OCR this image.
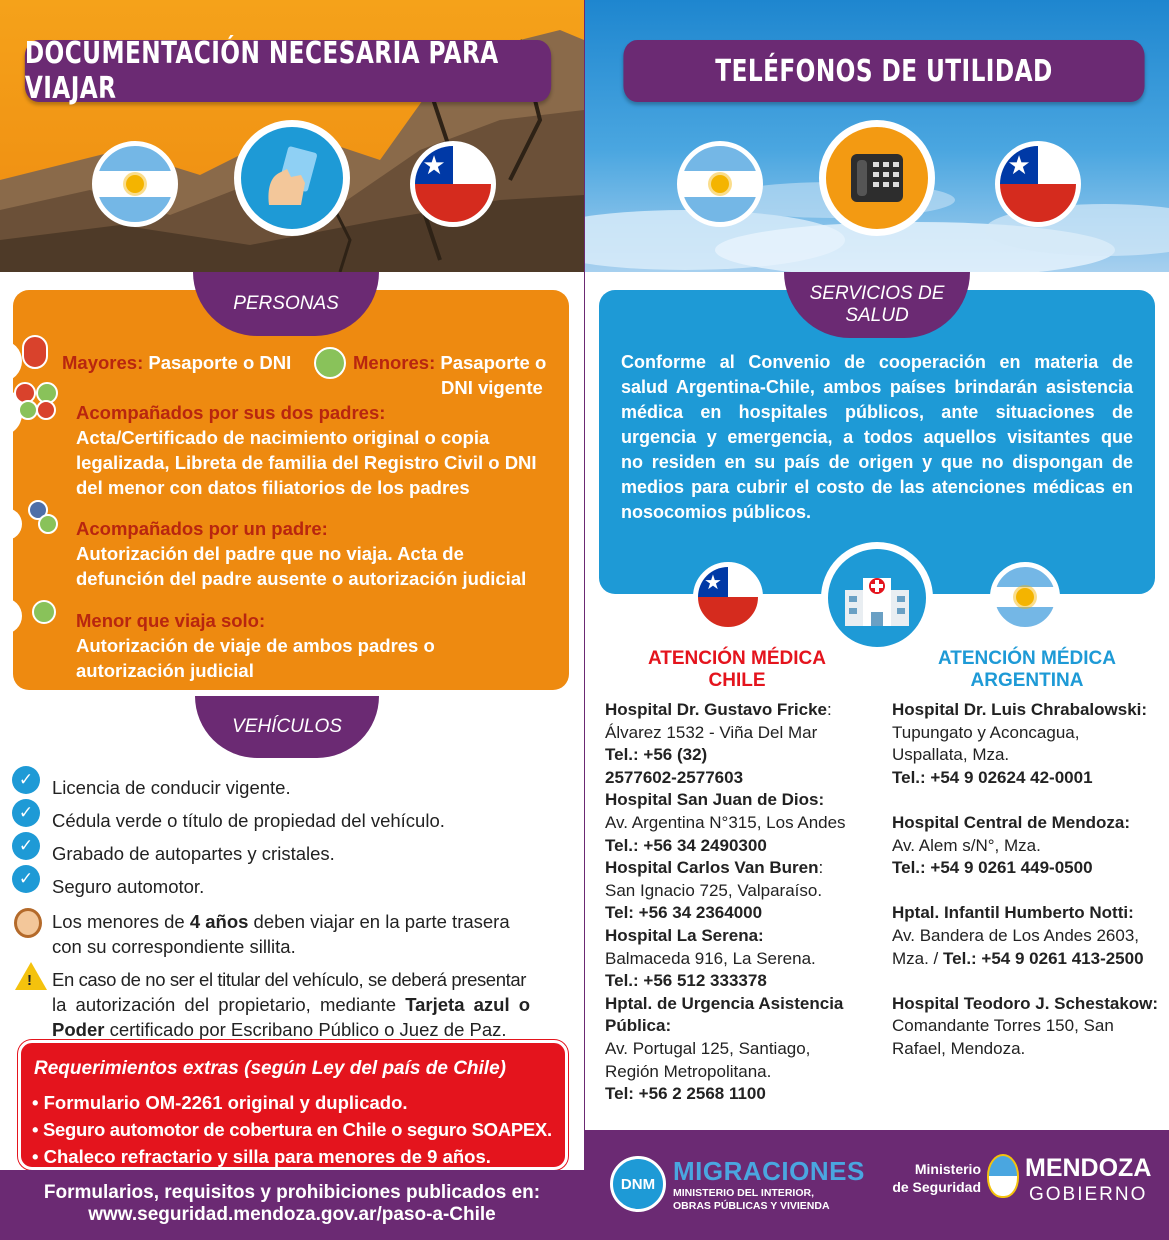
DOCUMENTACIÓN NECESARIA PARA VIAJAR
★
PERSONAS
Mayores: Pasaporte o DNI	Menores: Pasaporte o
DNI vigente
Acompañados por sus dos padres:
Acta/Certificado de nacimiento original o copia
legalizada, Libreta de familia del Registro Civil o DNI
del menor con datos filiatorios de los padres
Acompañados por un padre:
Autorización del padre que no viaja. Acta de
defunción del padre ausente o autorización judicial
Menor que viaja solo:
Autorización de viaje de ambos padres o
autorización judicial
VEHÍCULOS
✓	Licencia de conducir vigente.
✓	Cédula verde o título de propiedad del vehículo.
✓	Grabado de autopartes y cristales.
✓	Seguro automotor.
Los menores de 4 años deben viajar en la parte trasera
con su correspondiente sillita.
! En caso de no ser el titular del vehículo, se deberá presentar
la autorización del propietario, mediante Tarjeta azul o
Poder certificado por Escribano Público o Juez de Paz.
Requerimientos extras (según Ley del país de Chile)
• Formulario OM-2261 original y duplicado.
• Seguro automotor de cobertura en Chile o seguro SOAPEX.
• Chaleco refractario y silla para menores de 9 años.
Formularios, requisitos y prohibiciones publicados en:
www.seguridad.mendoza.gov.ar/paso-a-Chile
TELÉFONOS DE UTILIDAD
★
SERVICIOS DE
SALUD
Conforme al Convenio de cooperación en materia de
salud Argentina-Chile, ambos países brindarán asistencia
médica en hospitales públicos, ante situaciones de
urgencia y emergencia, a todos aquellos visitantes que
no residen en su país de origen y que no dispongan de
medios para cubrir el costo de las atenciones médicas en
nosocomios públicos.
★
ATENCIÓN MÉDICA
CHILE
ATENCIÓN MÉDICA
ARGENTINA
Hospital Dr. Gustavo Fricke:
Álvarez 1532 - Viña Del Mar
Tel.: +56 (32)
2577602-2577603
Hospital San Juan de Dios:
Av. Argentina N°315, Los Andes
Tel.: +56 34 2490300
Hospital Carlos Van Buren:
San Ignacio 725, Valparaíso.
Tel: +56 34 2364000
Hospital La Serena:
Balmaceda 916, La Serena.
Tel.: +56 512 333378
Hptal. de Urgencia Asistencia
Pública:
Av. Portugal 125, Santiago,
Región Metropolitana.
Tel: +56 2 2568 1100
Hospital Dr. Luis Chrabalowski:
Tupungato y Aconcagua,
Uspallata, Mza.
Tel.: +54 9 02624 42-0001
Hospital Central de Mendoza:
Av. Alem s/N°, Mza.
Tel.: +54 9 0261 449-0500
Hptal. Infantil Humberto Notti:
Av. Bandera de Los Andes 2603,
Mza. / Tel.: +54 9 0261 413-2500
Hospital Teodoro J. Schestakow:
Comandante Torres 150, San
Rafael, Mendoza.
DNM MIGRACIONES
MINISTERIO DEL INTERIOR,
OBRAS PÚBLICAS Y VIVIENDA
Ministerio
de Seguridad
MENDOZA
GOBIERNO
